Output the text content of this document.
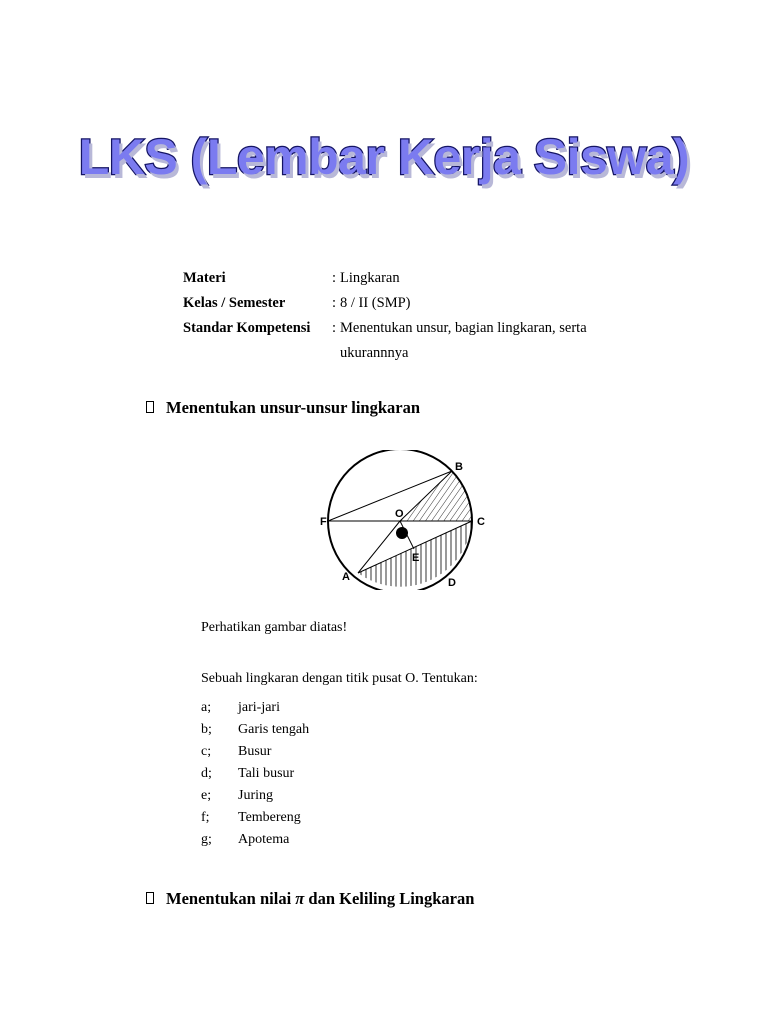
LKS (Lembar Kerja Siswa)
Materi	: Lingkaran
Kelas / Semester	: 8 / II (SMP)
Standar Kompetensi : Menentukan unsur, bagian lingkaran, serta
ukurannnya
Menentukan unsur-unsur lingkaran
B
F	C
O
E
A	D
Perhatikan gambar diatas!
Sebuah lingkaran dengan titik pusat O. Tentukan:
a; jari-jari
b; Garis tengah
c; Busur
d; Tali busur
e; Juring
f; Tembereng
g; Apotema
Menentukan nilai π dan Keliling Lingkaran
